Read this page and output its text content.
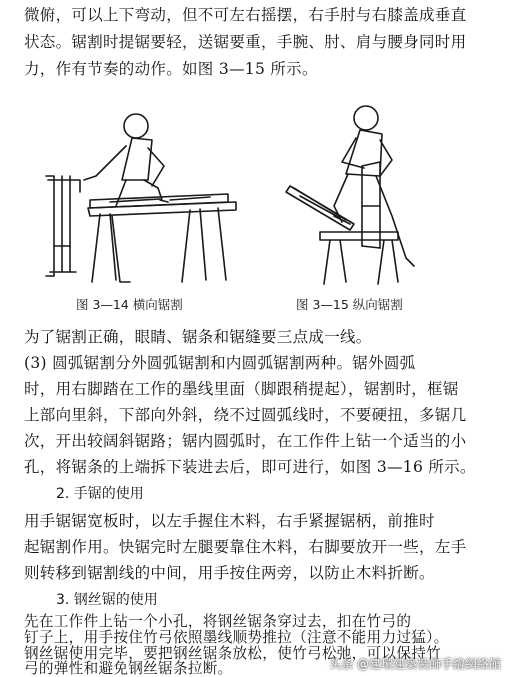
微俯，可以上下弯动，但不可左右摇摆，右手肘与右膝盖成垂直

状态。锯割时提锯要轻，送锯要重，手腕、肘、肩与腰身同时用

力，作有节奏的动作。如图 3—15 所示。

图 3—14 横向锯割	图 3—15 纵向锯割

为了锯割正确，眼睛、锯条和锯缝要三点成一线。

(3) 圆弧锯割分外圆弧锯割和内圆弧锯割两种。锯外圆弧

时，用右脚踏在工作的墨线里面（脚跟稍提起），锯割时，框锯

上部向里斜，下部向外斜，绕不过圆弧线时，不要硬扭，多锯几

次，开出较阔斜锯路；锯内圆弧时，在工作件上钻一个适当的小

孔，将锯条的上端拆下装进去后，即可进行，如图 3—16 所示。

2. 手锯的使用

用手锯锯宽板时，以左手握住木料，右手紧握锯柄，前推时

起锯割作用。快锯完时左腿要靠住木料，右脚要放开一些，左手

则转移到锯割线的中间，用手按住两旁，以防止木料折断。

3. 钢丝锯的使用

先在工作件上钻一个小孔，将钢丝锯条穿过去，扣在竹弓的

钉子上，用手按住竹弓依照墨线顺势推拉（注意不能用力过猛）。

钢丝锯使用完毕，要把钢丝锯条放松，使竹弓松弛，可以保持竹

弓的弹性和避免钢丝锯条拉断。	头条 @建環建築裝飾手繪網絡館
